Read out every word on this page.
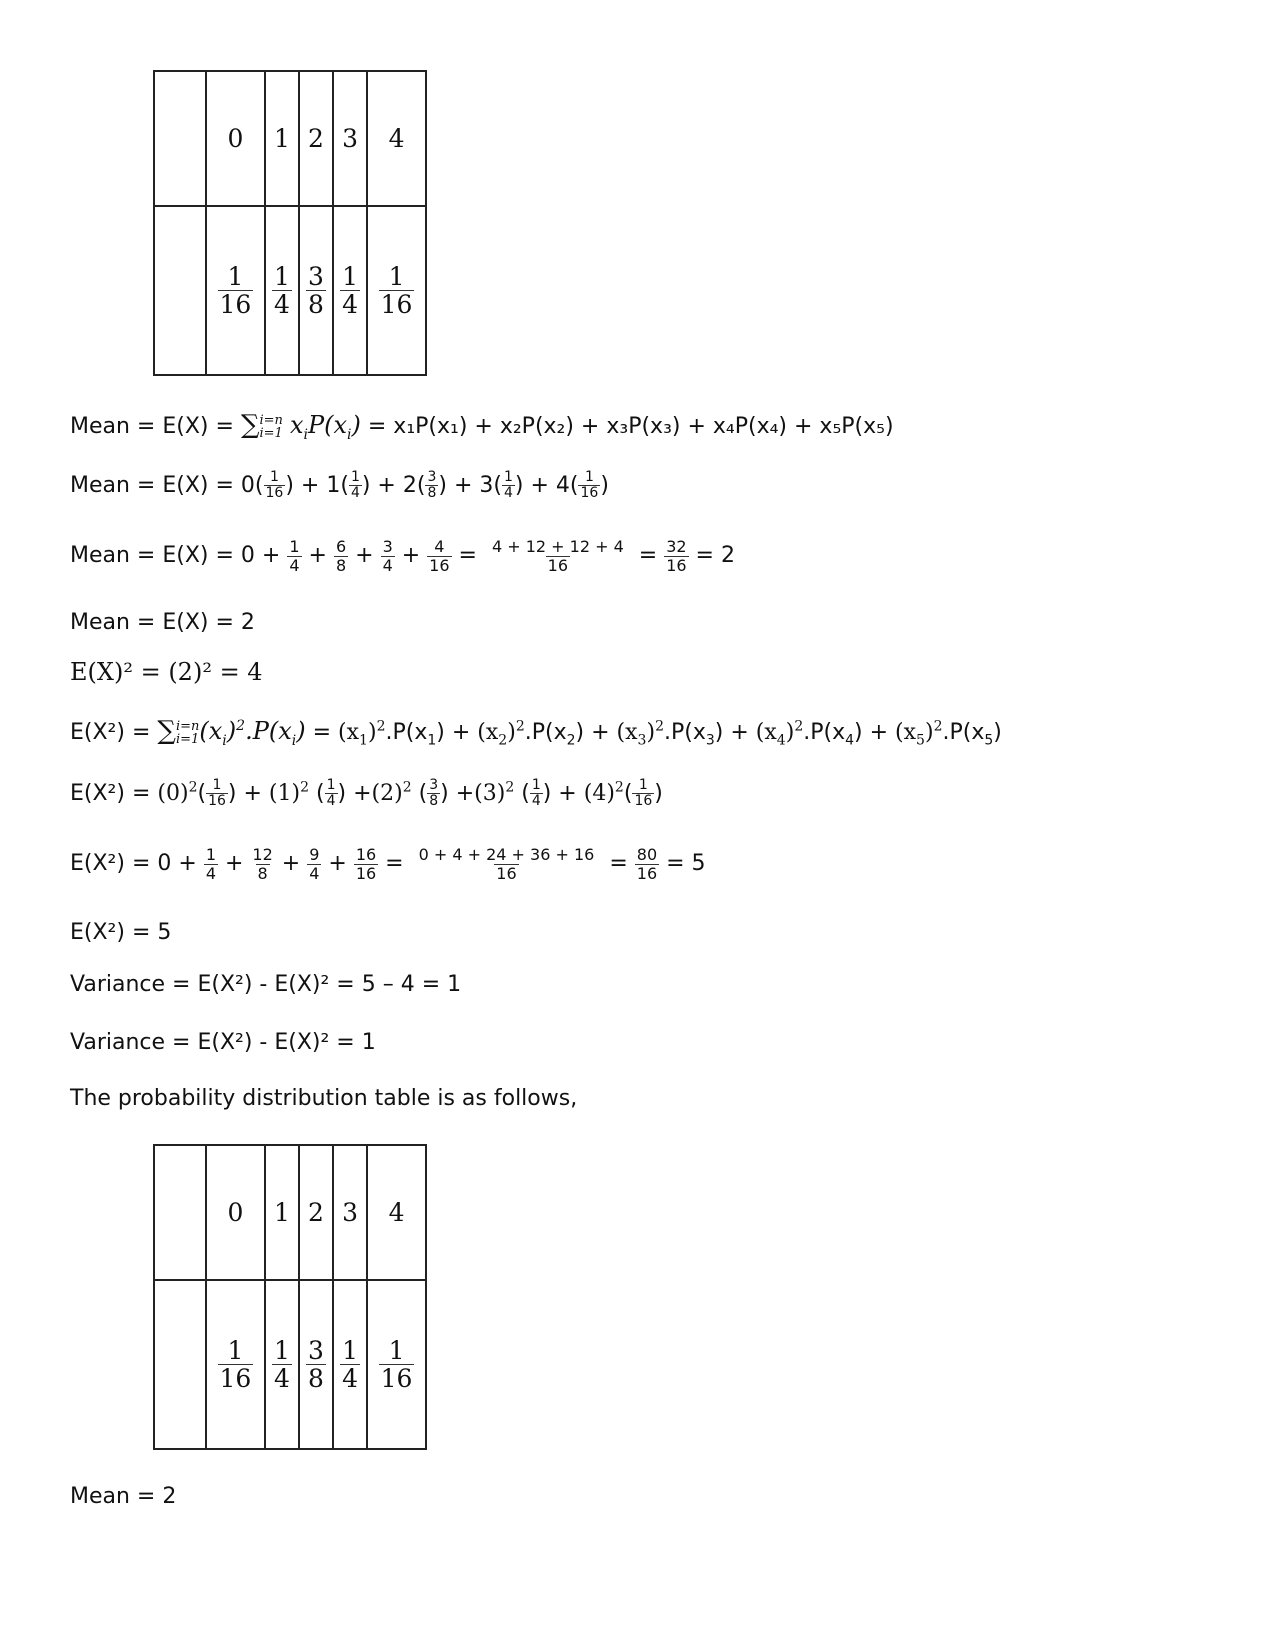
	0	1	2	3	4

	$\frac{1}{16}$	$\frac{1}{4}$	$\frac{3}{8}$	$\frac{1}{4}$	$\frac{1}{16}$
Mean = E(X) = ∑ i=n
i=1 $x_iP(x_i) = x_1P(x_1) + x_2P(x_2) + x_3P(x_3) + x_4P(x_4) + x_5P(x_5)$
Mean = $E(X) = 0( \frac{1}{16}$ ) + $1( \frac{1}{4}$ ) + $2( \frac{3}{8}$ ) + $3( \frac{1}{4}$ ) + $4( \frac{1}{16}$ )
Mean = $E(X) = 0 + \frac{1}{4} + \frac{6}{8} + \frac{3}{4} + \frac{4}{16} = \frac{4 + 12 + 12 + 4}{16} = \frac{32}{16} = 2$
Mean = E(X) = 2
E(X)² = (2)² = 4
E(X²) = ∑ i=n
i=1 $(x_i)^2.P(x_i) = (x_1)^2.P(x_1) + (x_2)^2.P(x_2) + (x_3)^2.P(x_3) + (x_4)^2.P(x_4) + (x_5)^2.P(x_5)$
$E(X^2) = (0)^2( \frac{1}{16}$ ) + $(1)^2$ ( $\frac{1}{4}$ ) $+(2)^2$ ( $\frac{3}{8}$ ) $+(3)^2$ ( $\frac{1}{4}$ ) + $(4)^2( \frac{1}{16}$ )
$E(X^2) = 0 + \frac{1}{4} + \frac{12}{8} + \frac{9}{4} + \frac{16}{16} = \frac{0 + 4 + 24 + 36 + 16}{16} = \frac{80}{16} = 5$
E(X²) = 5
Variance = E(X²) - E(X)² = 5 – 4 = 1
Variance = E(X²) - E(X)² = 1
The probability distribution table is as follows,
	0	1	2	3	4

	$\frac{1}{16}$	$\frac{1}{4}$	$\frac{3}{8}$	$\frac{1}{4}$	$\frac{1}{16}$
Mean = 2
